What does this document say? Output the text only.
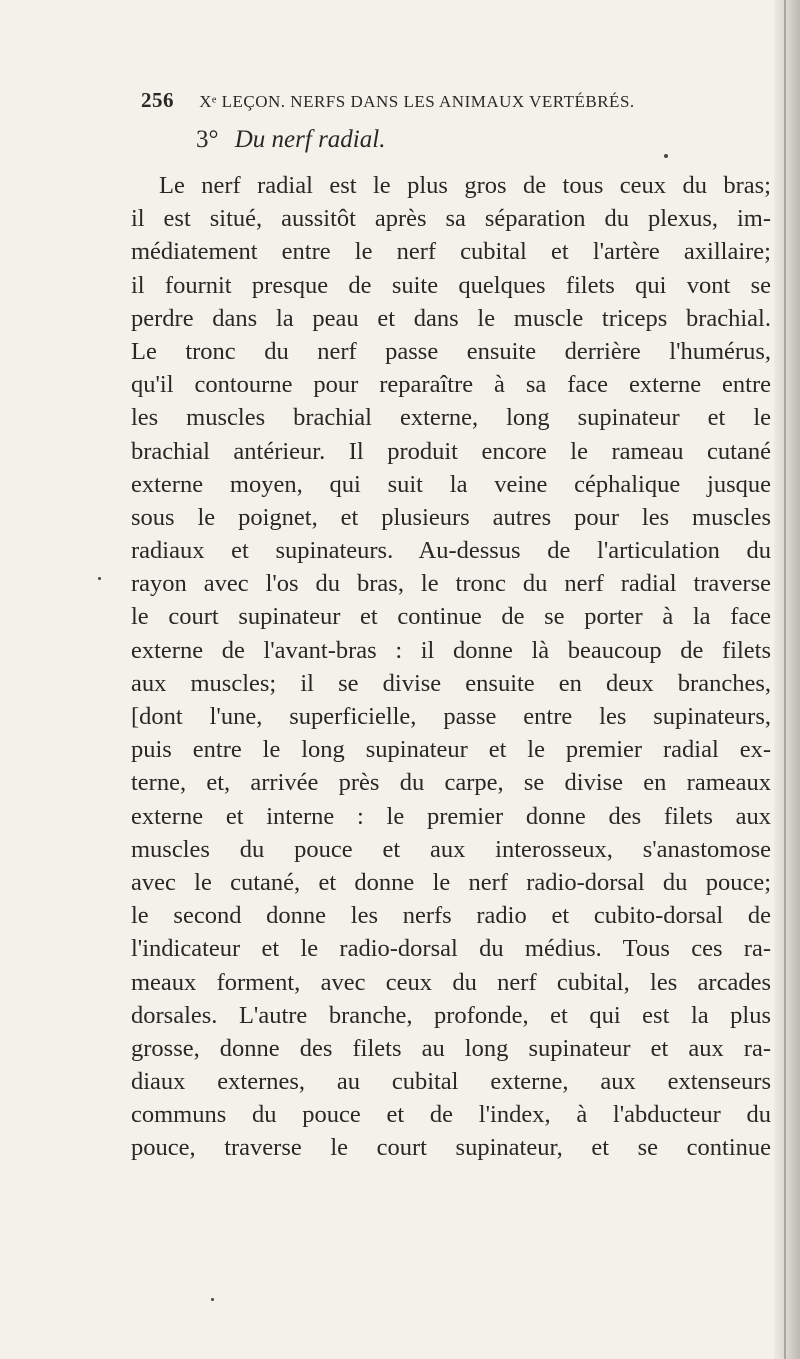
256 Xᵉ LEÇON. NERFS DANS LES ANIMAUX VERTÉBRÉS.
3° Du nerf radial.
Le nerf radial est le plus gros de tous ceux du bras;
il est situé, aussitôt après sa séparation du plexus, im-
médiatement entre le nerf cubital et l'artère axillaire;
il fournit presque de suite quelques filets qui vont se
perdre dans la peau et dans le muscle triceps brachial.
Le tronc du nerf passe ensuite derrière l'humérus,
qu'il contourne pour reparaître à sa face externe entre
les muscles brachial externe, long supinateur et le
brachial antérieur. Il produit encore le rameau cutané
externe moyen, qui suit la veine céphalique jusque
sous le poignet, et plusieurs autres pour les muscles
radiaux et supinateurs. Au-dessus de l'articulation du
rayon avec l'os du bras, le tronc du nerf radial traverse
le court supinateur et continue de se porter à la face
externe de l'avant-bras : il donne là beaucoup de filets
aux muscles; il se divise ensuite en deux branches,
[dont l'une, superficielle, passe entre les supinateurs,
puis entre le long supinateur et le premier radial ex-
terne, et, arrivée près du carpe, se divise en rameaux
externe et interne : le premier donne des filets aux
muscles du pouce et aux interosseux, s'anastomose
avec le cutané, et donne le nerf radio-dorsal du pouce;
le second donne les nerfs radio et cubito-dorsal de
l'indicateur et le radio-dorsal du médius. Tous ces ra-
meaux forment, avec ceux du nerf cubital, les arcades
dorsales. L'autre branche, profonde, et qui est la plus
grosse, donne des filets au long supinateur et aux ra-
diaux externes, au cubital externe, aux extenseurs
communs du pouce et de l'index, à l'abducteur du
pouce, traverse le court supinateur, et se continue
